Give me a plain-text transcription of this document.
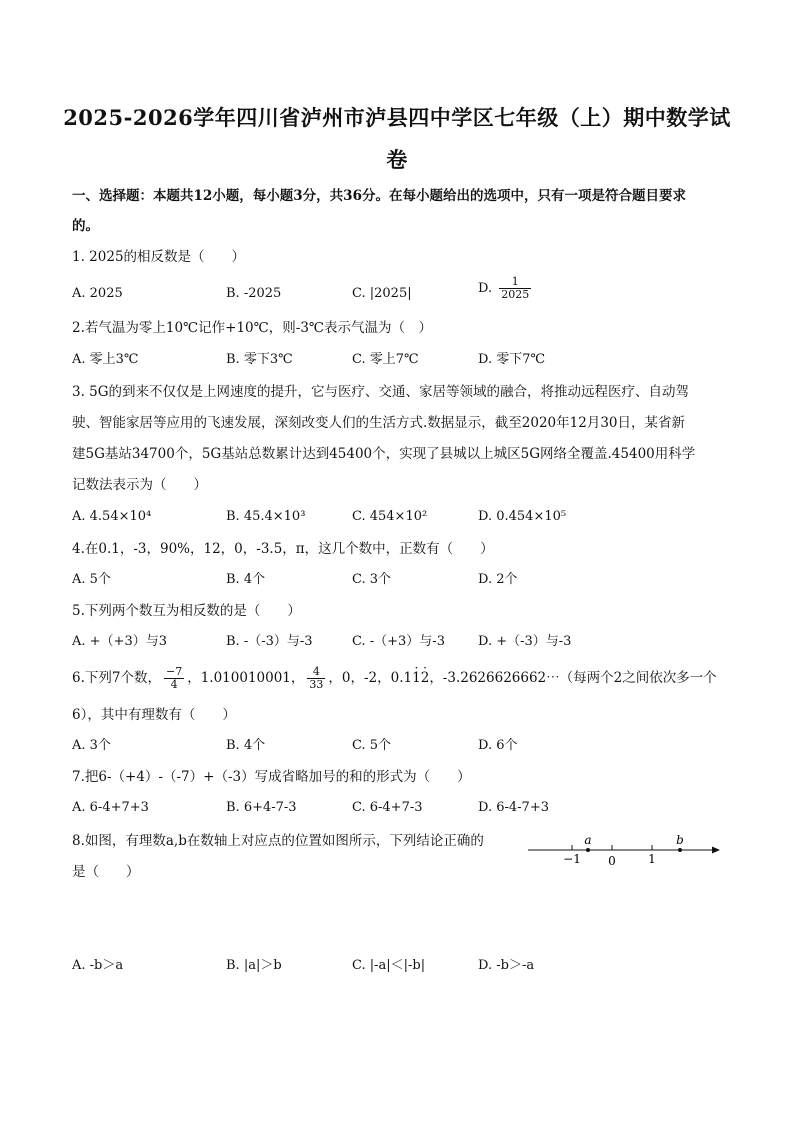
2025-2026学年四川省泸州市泸县四中学区七年级（上）期中数学试
卷
一、选择题：本题共12小题，每小题3分，共36分。在每小题给出的选项中，只有一项是符合题目要求
的。
1. 2025的相反数是（　　）
A. 2025	B. -2025	C. |2025|	D. $\frac{1}{2025}$
2.若气温为零上10℃记作+10℃，则-3℃表示气温为（　）
A. 零上3℃	B. 零下3℃	C. 零上7℃	D. 零下7℃
3. 5G的到来不仅仅是上网速度的提升，它与医疗、交通、家居等领域的融合，将推动远程医疗、自动驾
驶、智能家居等应用的飞速发展，深刻改变人们的生活方式.数据显示，截至2020年12月30日，某省新
建5G基站34700个，5G基站总数累计达到45400个，实现了县城以上城区5G网络全覆盖.45400用科学
记数法表示为（　　）
A. 4.54×10⁴	B. 45.4×10³	C. 454×10²	D. 0.454×10⁵
4.在0.1，-3，90%，12，0，-3.5，π，这几个数中，正数有（　　）
A. 5个	B. 4个	C. 3个	D. 2个
5.下列两个数互为相反数的是（　　）
A. +（+3）与3	B. -（-3）与-3	C. -（+3）与-3	D. +（-3）与-3
6.下列7个数， $\frac{-7}{4}$ ，1.010010001， $\frac{4}{33}$ ，0，-2，0.11 ·2 ·，-3.2626626662⋯（每两个2之间依次多一个
6），其中有理数有（　　）
A. 3个	B. 4个	C. 5个	D. 6个
7.把6-（+4）-（-7）+（-3）写成省略加号的和的形式为（　　）
A. 6-4+7+3	B. 6+4-7-3	C. 6-4+7-3	D. 6-4-7+3
8.如图，有理数a,b在数轴上对应点的位置如图所示，下列结论正确的
是（　　）
−1 0	1
a	b
A. -b＞a	B. |a|＞b	C. |-a|＜|-b|	D. -b＞-a
